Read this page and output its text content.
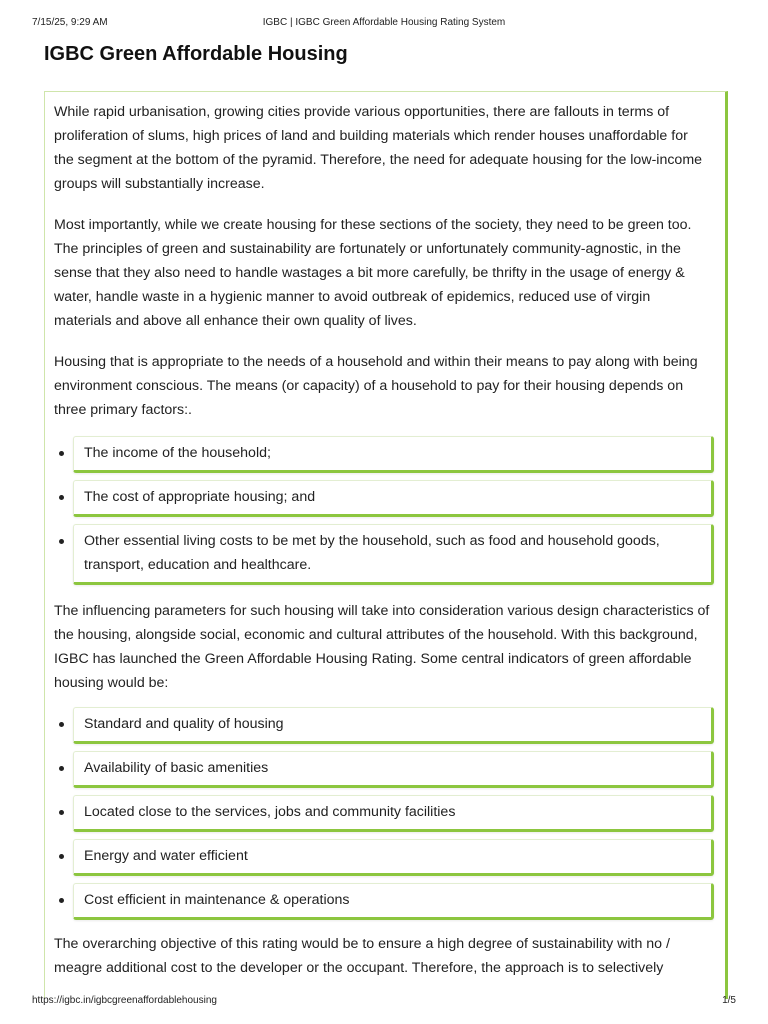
7/15/25, 9:29 AM	IGBC | IGBC Green Affordable Housing Rating System
IGBC Green Affordable Housing

While rapid urbanisation, growing cities provide various opportunities, there are fallouts in terms of proliferation of slums, high prices of land and building materials which render houses unaffordable for the segment at the bottom of the pyramid. Therefore, the need for adequate housing for the low-income groups will substantially increase.

Most importantly, while we create housing for these sections of the society, they need to be green too. The principles of green and sustainability are fortunately or unfortunately community-agnostic, in the sense that they also need to handle wastages a bit more carefully, be thrifty in the usage of energy & water, handle waste in a hygienic manner to avoid outbreak of epidemics, reduced use of virgin materials and above all enhance their own quality of lives.

Housing that is appropriate to the needs of a household and within their means to pay along with being environment conscious. The means (or capacity) of a household to pay for their housing depends on three primary factors:.

The income of the household;
The cost of appropriate housing; and
Other essential living costs to be met by the household, such as food and household goods, transport, education and healthcare.

The influencing parameters for such housing will take into consideration various design characteristics of the housing, alongside social, economic and cultural attributes of the household. With this background, IGBC has launched the Green Affordable Housing Rating. Some central indicators of green affordable housing would be:

Standard and quality of housing
Availability of basic amenities
Located close to the services, jobs and community facilities
Energy and water efficient
Cost efficient in maintenance & operations

The overarching objective of this rating would be to ensure a high degree of sustainability with no / meagre additional cost to the developer or the occupant. Therefore, the approach is to selectively

https://igbc.in/igbcgreenaffordablehousing	1/5
